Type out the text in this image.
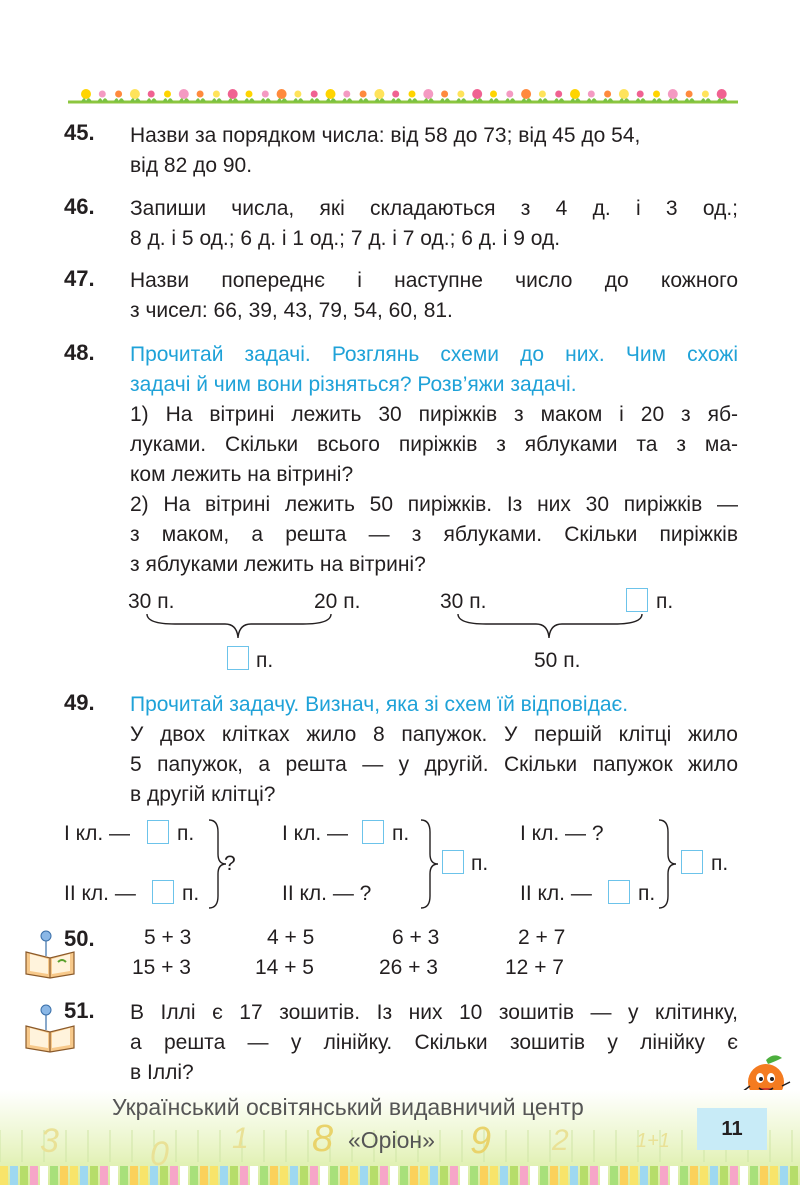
45. Назви за порядком числа: від 58 до 73; від 45 до 54,
від 82 до 90.
46. Запиши числа, які складаються з 4 д. і 3 од.;
8 д. і 5 од.; 6 д. і 1 од.; 7 д. і 7 од.; 6 д. і 9 од.
47. Назви попереднє і наступне число до кожного
з чисел: 66, 39, 43, 79, 54, 60, 81.
48. Прочитай задачі. Розглянь схеми до них. Чим схожі
задачі й чим вони різняться? Розв’яжи задачі.
1) На вітрині лежить 30 пиріжків з маком і 20 з яб-
луками. Скільки всього пиріжків з яблуками та з ма-
ком лежить на вітрині?
2) На вітрині лежить 50 пиріжків. Із них 30 пиріжків —
з маком, а решта — з яблуками. Скільки пиріжків
з яблуками лежить на вітрині?
30 п.	20 п.
п.
30 п.	п.
50 п.
49. Прочитай задачу. Визнач, яка зі схем їй відповідає.
У двох клітках жило 8 папужок. У першій клітці жило
5 папужок, а решта — у другій. Скільки папужок жило
в другій клітці?
І кл. — п.
ІІ кл. — п.
?
І кл. — п.
ІІ кл. — ?
п.
І кл. — ?
ІІ кл. — п.
п.
50. 5 + 3	4 + 5	6 + 3	2 + 7
15 + 3	14 + 5	26 + 3	12 + 7
51. В Іллі є 17 зошитів. Із них 10 зошитів — у клітинку,
а решта — у лінійку. Скільки зошитів у лінійку є
в Іллі?
3	0 1 8	9 2	1+1
Український освітянський видавничий центр
«Оріон»	11
